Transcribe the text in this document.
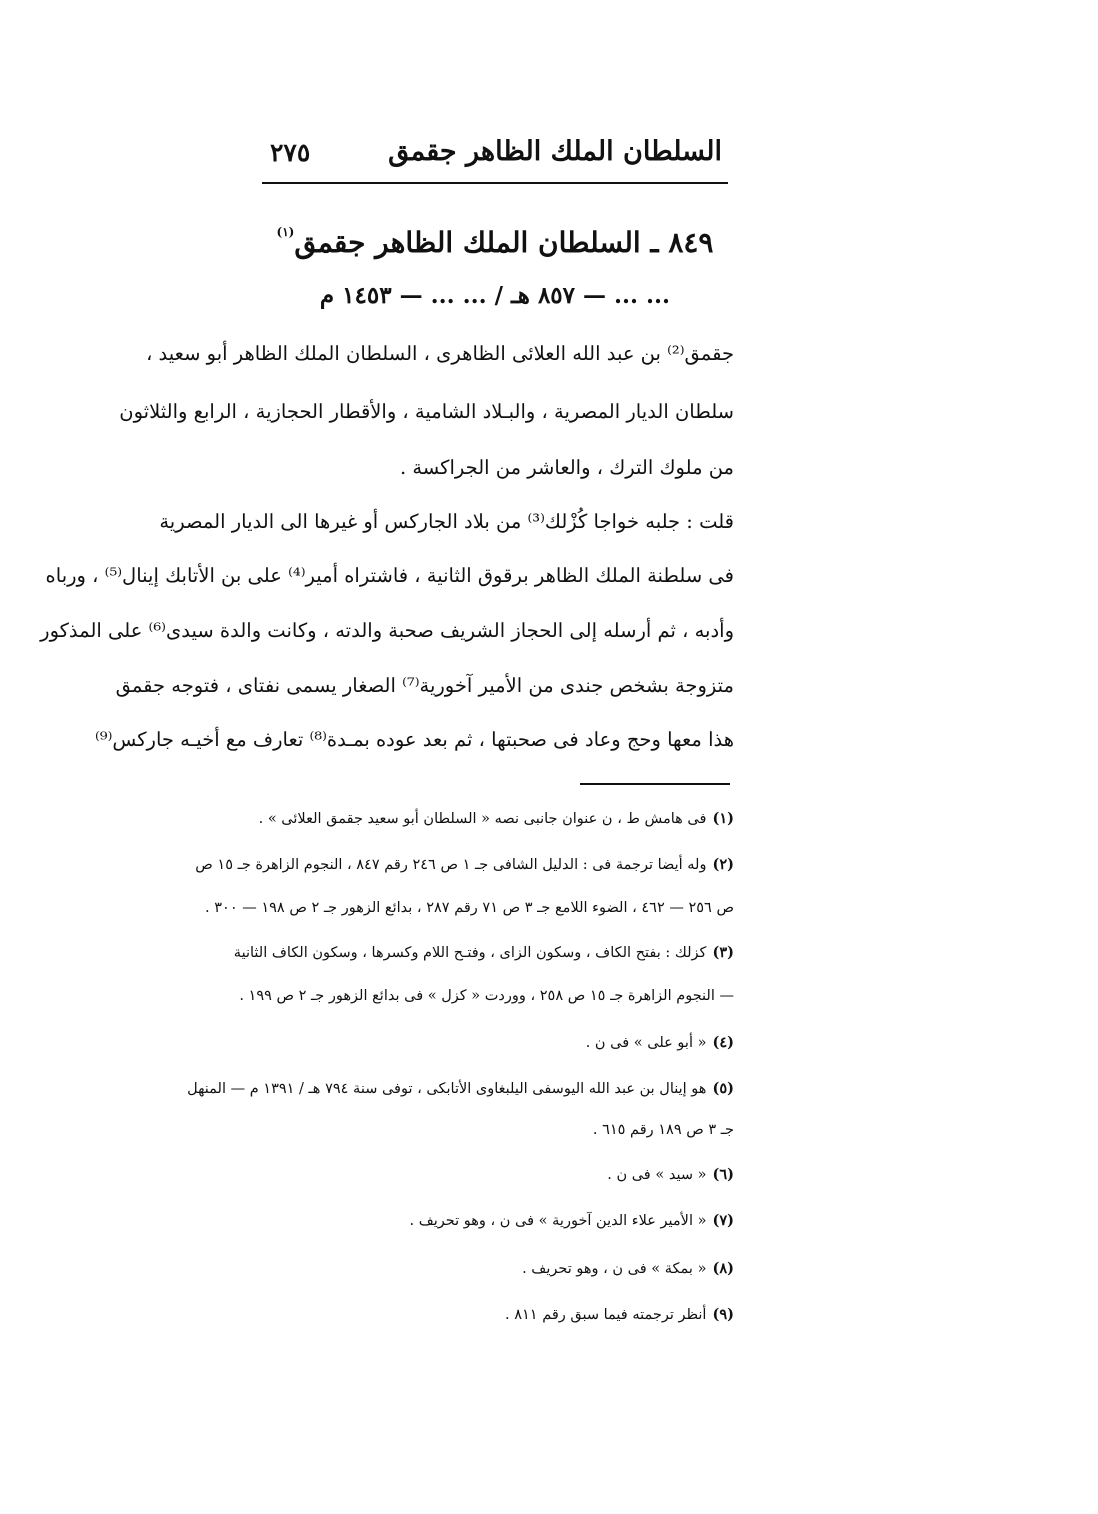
السلطان الملك الظاهر جقمق
٢٧٥
٨٤٩ ـ السلطان الملك الظاهر جقمق$^{(١)}$
... ... — ٨٥٧ هـ / ... ... — ١٤٥٣ م
جقمق⁽²⁾ بن عبد الله العلائى الظاهرى ، السلطان الملك الظاهر أبو سعيد ،
سلطان الديار المصرية ، والبـلاد الشامية ، والأقطار الحجازية ، الرابع والثلاثون
من ملوك الترك ، والعاشر من الجراكسة .
قلت : جلبه خواجا كُزْلك⁽³⁾ من بلاد الجاركس أو غيرها الى الديار المصرية
فى سلطنة الملك الظاهر برقوق الثانية ، فاشتراه أمير⁽⁴⁾ على بن الأتابك إينال⁽⁵⁾ ، ورباه
وأدبه ، ثم أرسله إلى الحجاز الشريف صحبة والدته ، وكانت والدة سيدى⁽⁶⁾ على المذكور
متزوجة بشخص جندى من الأمير آخورية⁽⁷⁾ الصغار يسمى نفتاى ، فتوجه جقمق
هذا معها وحج وعاد فى صحبتها ، ثم بعد عوده بمـدة⁽⁸⁾ تعارف مع أخيـه جاركس⁽⁹⁾
(١)فى هامش ط ، ن عنوان جانبى نصه « السلطان أبو سعيد جقمق العلائى » .
(٢)وله أيضا ترجمة فى : الدليل الشافى جـ ١ ص ٢٤٦ رقم ٨٤٧ ، النجوم الزاهرة جـ ١٥ ص
ص ٢٥٦ — ٤٦٢ ، الضوء اللامع جـ ٣ ص ٧١ رقم ٢٨٧ ، بدائع الزهور جـ ٢ ص ١٩٨ — ٣٠٠ .
(٣)كزلك : بفتح الكاف ، وسكون الزاى ، وفتـح اللام وكسرها ، وسكون الكاف الثانية
— النجوم الزاهرة جـ ١٥ ص ٢٥٨ ، ووردت « كزل » فى بدائع الزهور جـ ٢ ص ١٩٩ .
(٤)« أبو على » فى ن .
(٥)هو إينال بن عبد الله اليوسفى اليلبغاوى الأتابكى ، توفى سنة ٧٩٤ هـ / ١٣٩١ م — المنهل
جـ ٣ ص ١٨٩ رقم ٦١٥ .
(٦)« سيد » فى ن .
(٧)« الأمير علاء الدين آخورية » فى ن ، وهو تحريف .
(٨)« بمكة » فى ن ، وهو تحريف .
(٩)أنظر ترجمته فيما سبق رقم ٨١١ .
